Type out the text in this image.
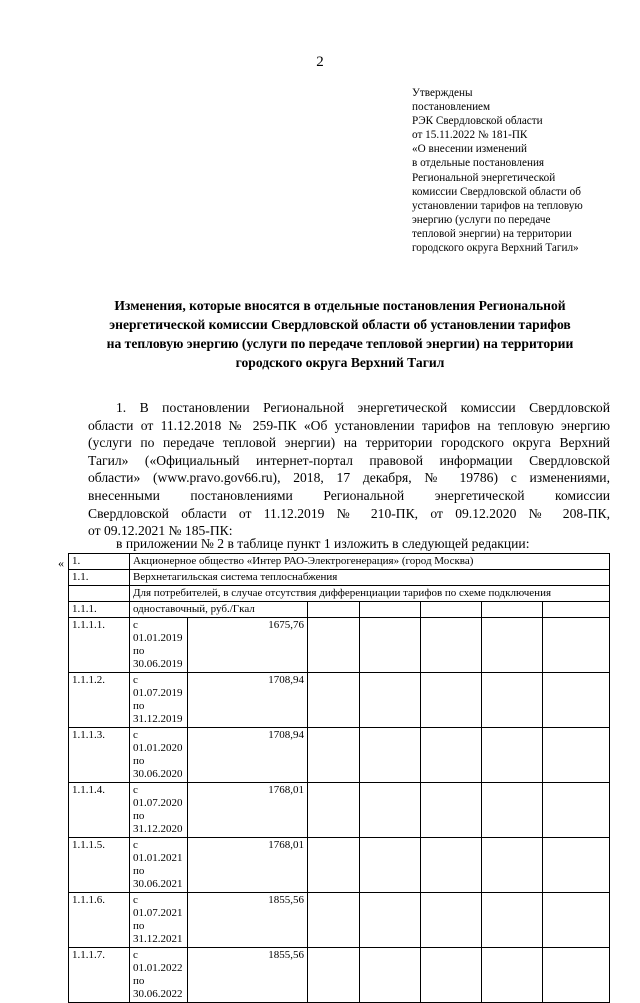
2
Утверждены
постановлением
РЭК Свердловской области
от 15.11.2022 № 181-ПК
«О внесении изменений
в отдельные постановления
Региональной энергетической
комиссии Свердловской области об
установлении тарифов на тепловую
энергию (услуги по передаче
тепловой энергии) на территории
городского округа Верхний Тагил»
Изменения, которые вносятся в отдельные постановления Региональной
энергетической комиссии Свердловской области об установлении тарифов
на тепловую энергию (услуги по передаче тепловой энергии) на территории
городского округа Верхний Тагил
1. В постановлении Региональной энергетической комиссии Свердловской
области от 11.12.2018 № 259-ПК «Об установлении тарифов на тепловую энергию
(услуги по передаче тепловой энергии) на территории городского округа Верхний
Тагил» («Официальный интернет-портал правовой информации Свердловской
области» (www.pravo.gov66.ru), 2018, 17 декабря, № 19786) с изменениями,
внесенными постановлениями Региональной энергетической комиссии
Свердловской области от 11.12.2019 № 210-ПК, от 09.12.2020 № 208-ПК,
от 09.12.2021 № 185-ПК:
в приложении № 2 в таблице пункт 1 изложить в следующей редакции:
« 1.	Акционерное общество «Интер РАО-Электрогенерация» (город Москва)						
1.1.	Верхнетагильская система теплоснабжения						
	Для потребителей, в случае отсутствия дифференциации тарифов по схеме подключения						
1.1.1.	одноставочный, руб./Гкал						
1.1.1.1.	с 01.01.2019 по 30.06.2019	1675,76					
1.1.1.2.	с 01.07.2019 по 31.12.2019	1708,94					
1.1.1.3.	с 01.01.2020 по 30.06.2020	1708,94					
1.1.1.4.	с 01.07.2020 по 31.12.2020	1768,01					
1.1.1.5.	с 01.01.2021 по 30.06.2021	1768,01					
1.1.1.6.	с 01.07.2021 по 31.12.2021	1855,56					
1.1.1.7.	с 01.01.2022 по 30.06.2022	1855,56					
